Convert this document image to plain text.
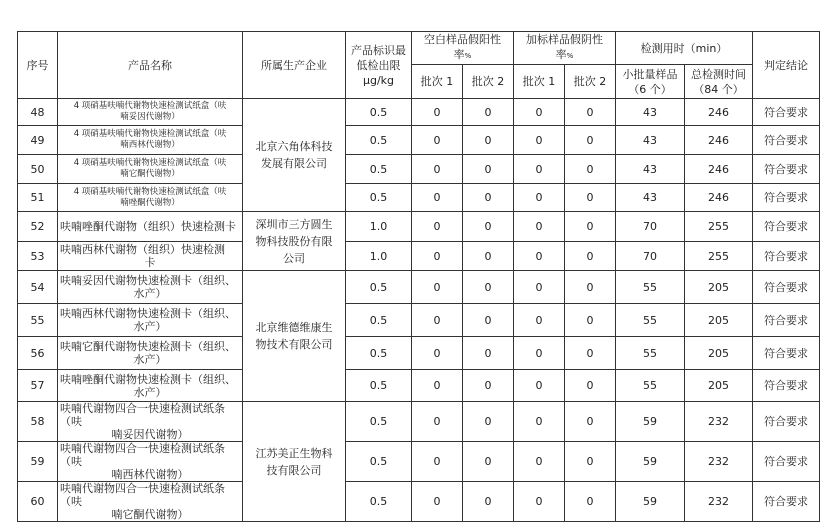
序号	产品名称	所属生产企业	产品标识最
低检出限
μg/kg	空白样品假阳性
率%		加标样品假阴性
率%		检测用时（min）		判定结论
				批次 1	批次 2	批次 1	批次 2	小批量样品
（6 个）	总检测时间
（84 个）	
48	4 项硝基呋喃代谢物快速检测试纸盒（呋
喃妥因代谢物）	北京六角体科技
发展有限公司	0.5	0	0	0	0	43	246	符合要求
49	4 项硝基呋喃代谢物快速检测试纸盒（呋
喃西林代谢物）		0.5	0	0	0	0	43	246	符合要求
50	4 项硝基呋喃代谢物快速检测试纸盒（呋
喃它酮代谢物）		0.5	0	0	0	0	43	246	符合要求
51	4 项硝基呋喃代谢物快速检测试纸盒（呋
喃唑酮代谢物）		0.5	0	0	0	0	43	246	符合要求
52	呋喃唑酮代谢物（组织）快速检测卡	深圳市三方圆生
物科技股份有限
公司	1.0	0	0	0	0	70	255	符合要求
53	呋喃西林代谢物（组织）快速检测

卡		1.0	0	0	0	0	70	255	符合要求
54	呋喃妥因代谢物快速检测卡（组织、

水产）	北京维德维康生
物技术有限公司	0.5	0	0	0	0	55	205	符合要求
55	呋喃西林代谢物快速检测卡（组织、

水产）		0.5	0	0	0	0	55	205	符合要求
56	呋喃它酮代谢物快速检测卡（组织、

水产）		0.5	0	0	0	0	55	205	符合要求
57	呋喃唑酮代谢物快速检测卡（组织、

水产）		0.5	0	0	0	0	55	205	符合要求
58	呋喃代谢物四合一快速检测试纸条（呋

喃妥因代谢物）	江苏美正生物科
技有限公司	0.5	0	0	0	0	59	232	符合要求
59	呋喃代谢物四合一快速检测试纸条（呋

喃西林代谢物）		0.5	0	0	0	0	59	232	符合要求
60	呋喃代谢物四合一快速检测试纸条（呋

喃它酮代谢物）		0.5	0	0	0	0	59	232	符合要求
